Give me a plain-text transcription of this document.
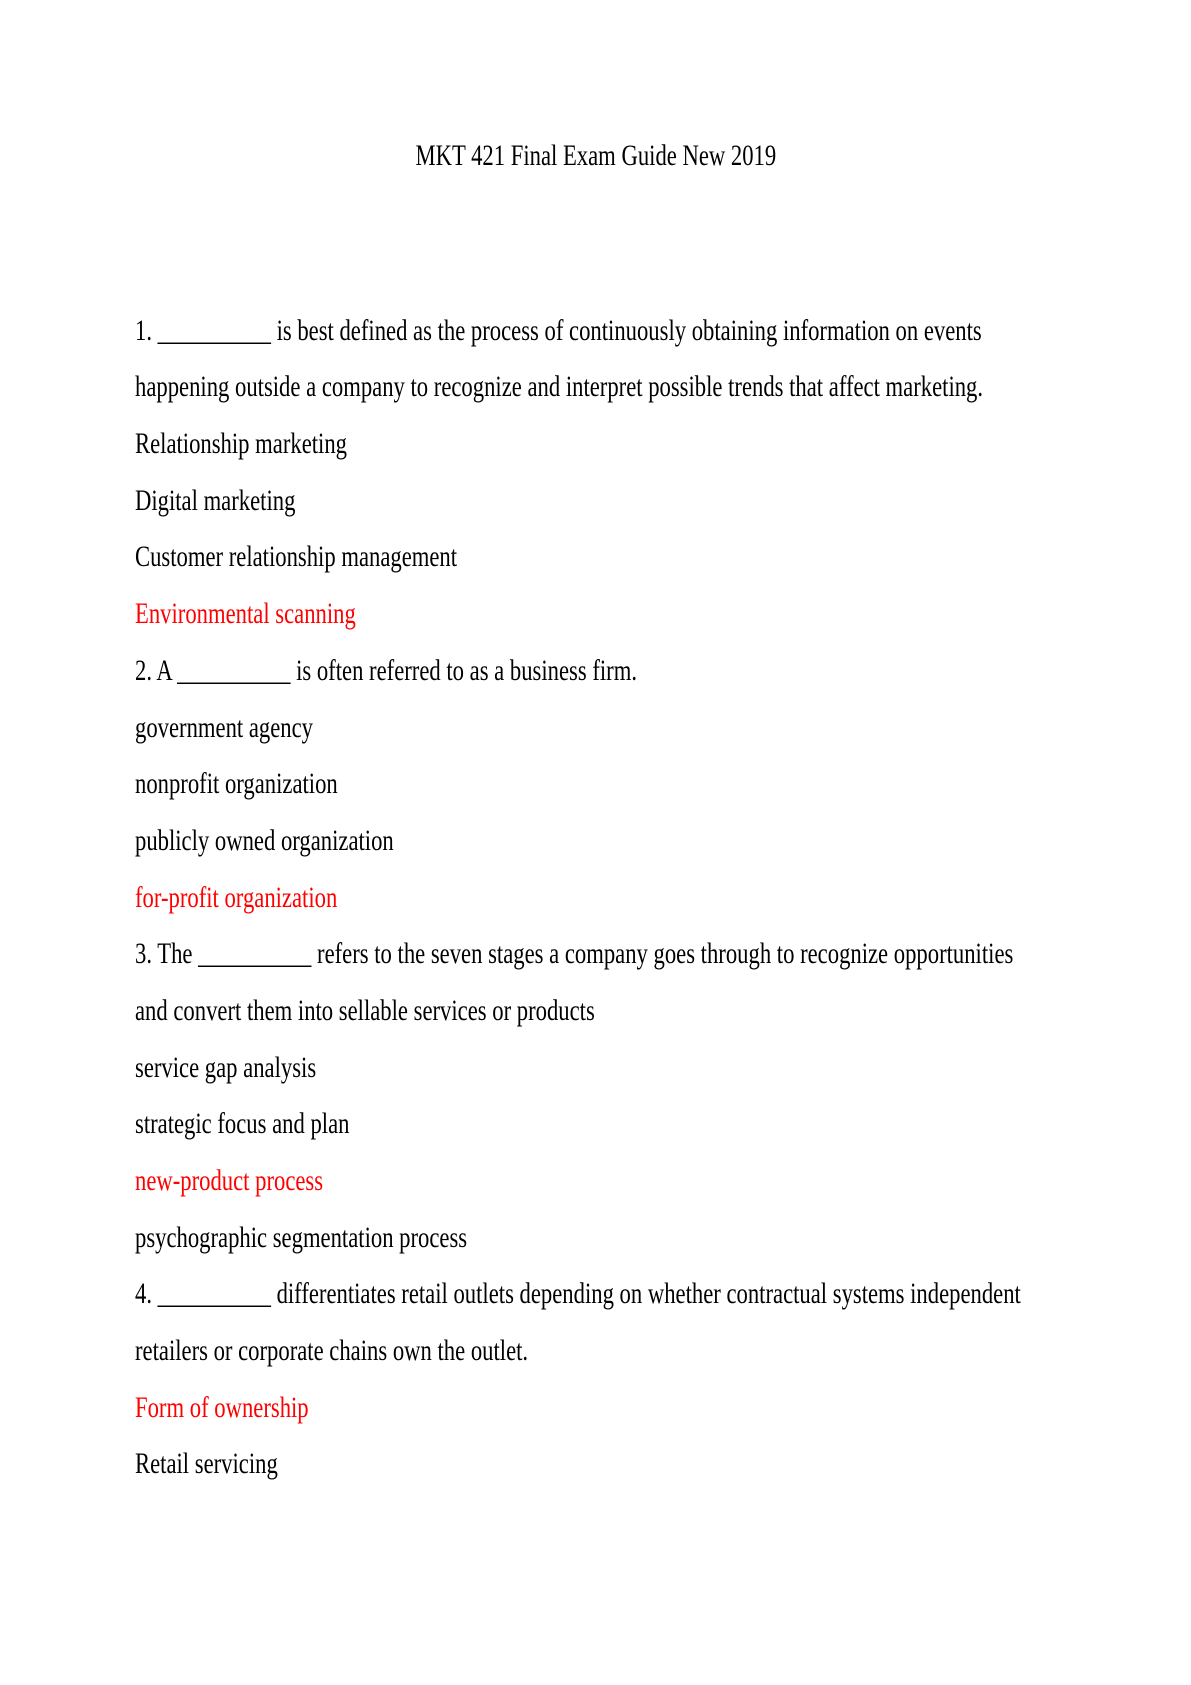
MKT 421 Final Exam Guide New 2019

1. __________ is best defined as the process of continuously obtaining information on events

happening outside a company to recognize and interpret possible trends that affect marketing.

Relationship marketing

Digital marketing

Customer relationship management

Environmental scanning

2. A __________ is often referred to as a business firm.

government agency

nonprofit organization

publicly owned organization

for-profit organization

3. The __________ refers to the seven stages a company goes through to recognize opportunities

and convert them into sellable services or products

service gap analysis

strategic focus and plan

new-product process

psychographic segmentation process

4. __________ differentiates retail outlets depending on whether contractual systems independent

retailers or corporate chains own the outlet.

Form of ownership

Retail servicing
